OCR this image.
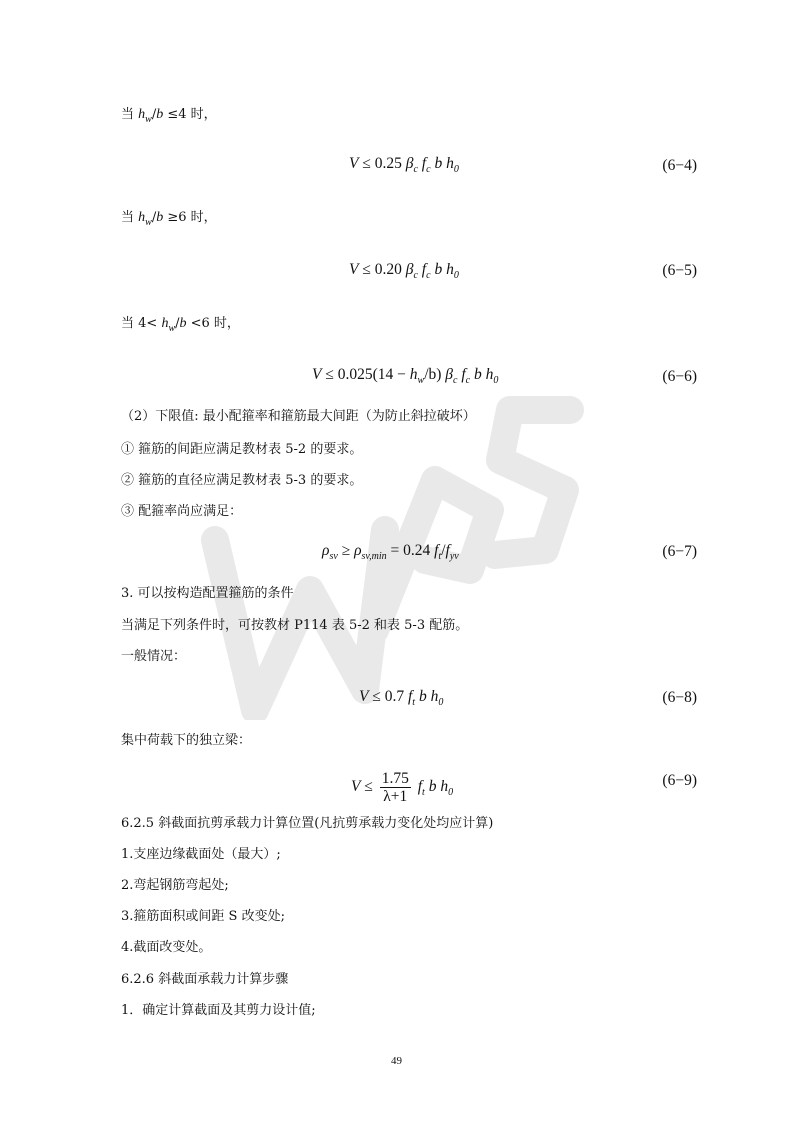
当 $h_w/b \le 4$ 时，
V ≤ 0.25 $\beta_c$ $f_c$ b $h_0$	(6−4)
当 $h_w/b \ge 6$ 时，
V ≤ 0.20 $\beta_c$ $f_c$ b $h_0$	(6−5)
当 $4< h_w/b <6$ 时，
$V \le 0.025(14 - h_w/b)$ $\beta_c$ $f_c$ b $h_0$	(6−6)
（2）下限值: 最小配箍率和箍筋最大间距（为防止斜拉破坏）
① 箍筋的间距应满足教材表 5-2 的要求。
② 箍筋的直径应满足教材表 5-3 的要求。
③ 配箍率尚应满足：
$\rho_{sv} \ge \rho_{sv,min} = 0.24$ $f_t/f_{yv}$	(6−7)
3. 可以按构造配置箍筋的条件
当满足下列条件时，可按教材 P114 表 5-2 和表 5-3 配筋。
一般情况：
V ≤ 0.7 $f_t$ b $h_0$	(6−8)
集中荷载下的独立梁：
$V \le \frac{1.75}{\lambda+1} f_t$ b $h_0$
(6−9)
6.2.5 斜截面抗剪承载力计算位置(凡抗剪承载力变化处均应计算)
1.支座边缘截面处（最大）;
2.弯起钢筋弯起处;
3.箍筋面积或间距 S 改变处;
4.截面改变处。
6.2.6 斜截面承载力计算步骤
1．确定计算截面及其剪力设计值;
49
